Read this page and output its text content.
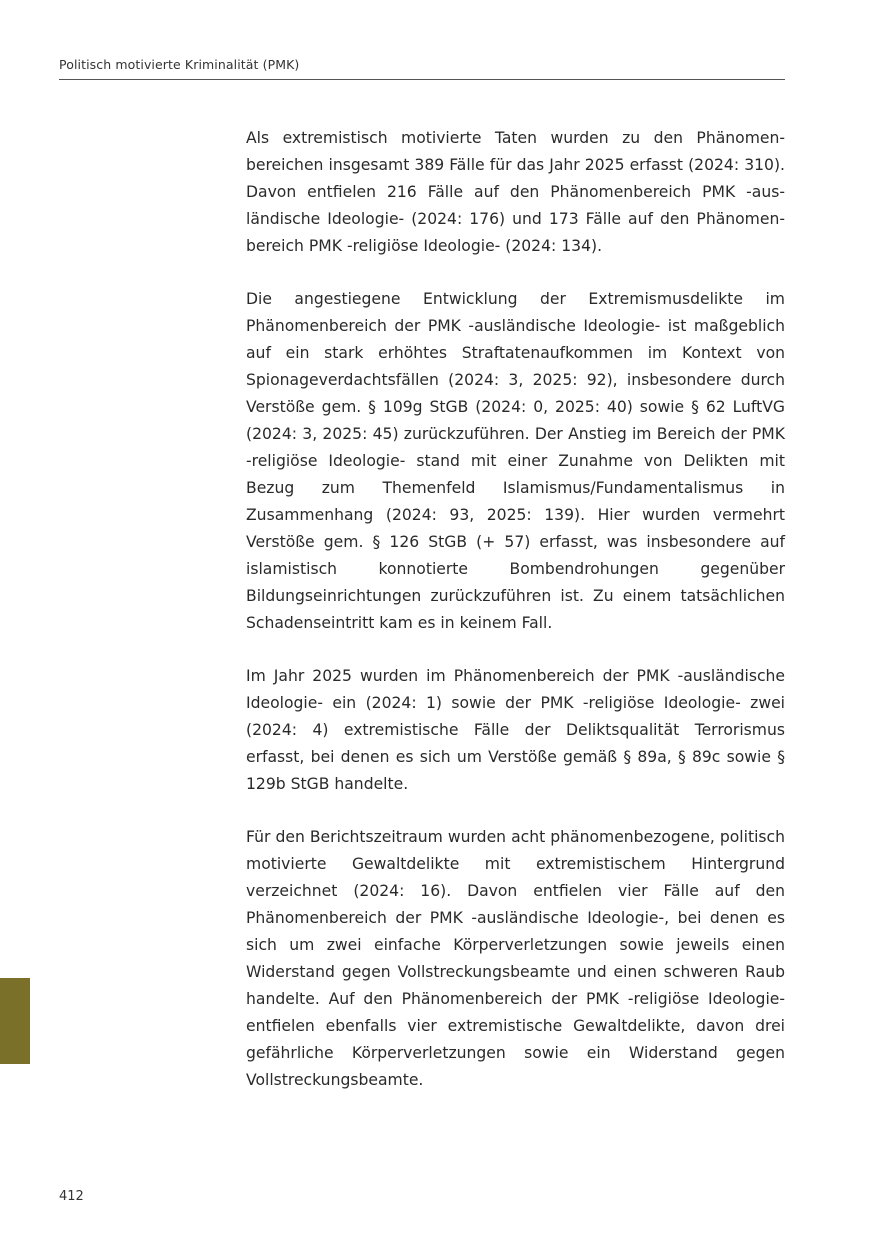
Politisch motivierte Kriminalität (PMK)

Als extremistisch motivierte Taten wurden zu den Phänomenbereichen insgesamt 389 Fälle für das Jahr 2025 erfasst (2024: 310). Davon entfielen 216 Fälle auf den Phänomenbereich PMK -ausländische Ideologie- (2024: 176) und 173 Fälle auf den Phänomenbereich PMK -religiöse Ideologie- (2024: 134).

Die angestiegene Entwicklung der Extremismusdelikte im Phänomenbereich der PMK -ausländische Ideologie- ist maßgeblich auf ein stark erhöhtes Straftatenaufkommen im Kontext von Spionageverdachtsfällen (2024: 3, 2025: 92), insbesondere durch Verstöße gem. § 109g StGB (2024: 0, 2025: 40) sowie § 62 LuftVG (2024: 3, 2025: 45) zurückzuführen. Der Anstieg im Bereich der PMK -religiöse Ideologie- stand mit einer Zunahme von Delikten mit Bezug zum Themenfeld Islamismus/Fundamentalismus in Zusammenhang (2024: 93, 2025: 139). Hier wurden vermehrt Verstöße gem. § 126 StGB (+ 57) erfasst, was insbesondere auf islamistisch konnotierte Bombendrohungen gegenüber Bildungseinrichtungen zurückzuführen ist. Zu einem tatsächlichen Schadenseintritt kam es in keinem Fall.

Im Jahr 2025 wurden im Phänomenbereich der PMK -ausländische Ideologie- ein (2024: 1) sowie der PMK -religiöse Ideologie- zwei (2024: 4) extremistische Fälle der Deliktsqualität Terrorismus erfasst, bei denen es sich um Verstöße gemäß § 89a, § 89c sowie § 129b StGB handelte.

Für den Berichtszeitraum wurden acht phänomenbezogene, politisch motivierte Gewaltdelikte mit extremistischem Hintergrund verzeichnet (2024: 16). Davon entfielen vier Fälle auf den Phänomenbereich der PMK -ausländische Ideologie-, bei denen es sich um zwei einfache Körperverletzungen sowie jeweils einen Widerstand gegen Vollstreckungsbeamte und einen schweren Raub handelte. Auf den Phänomenbereich der PMK -religiöse Ideologie- entfielen ebenfalls vier extremistische Gewaltdelikte, davon drei gefährliche Körperverletzungen sowie ein Widerstand gegen Vollstreckungsbeamte.

412
